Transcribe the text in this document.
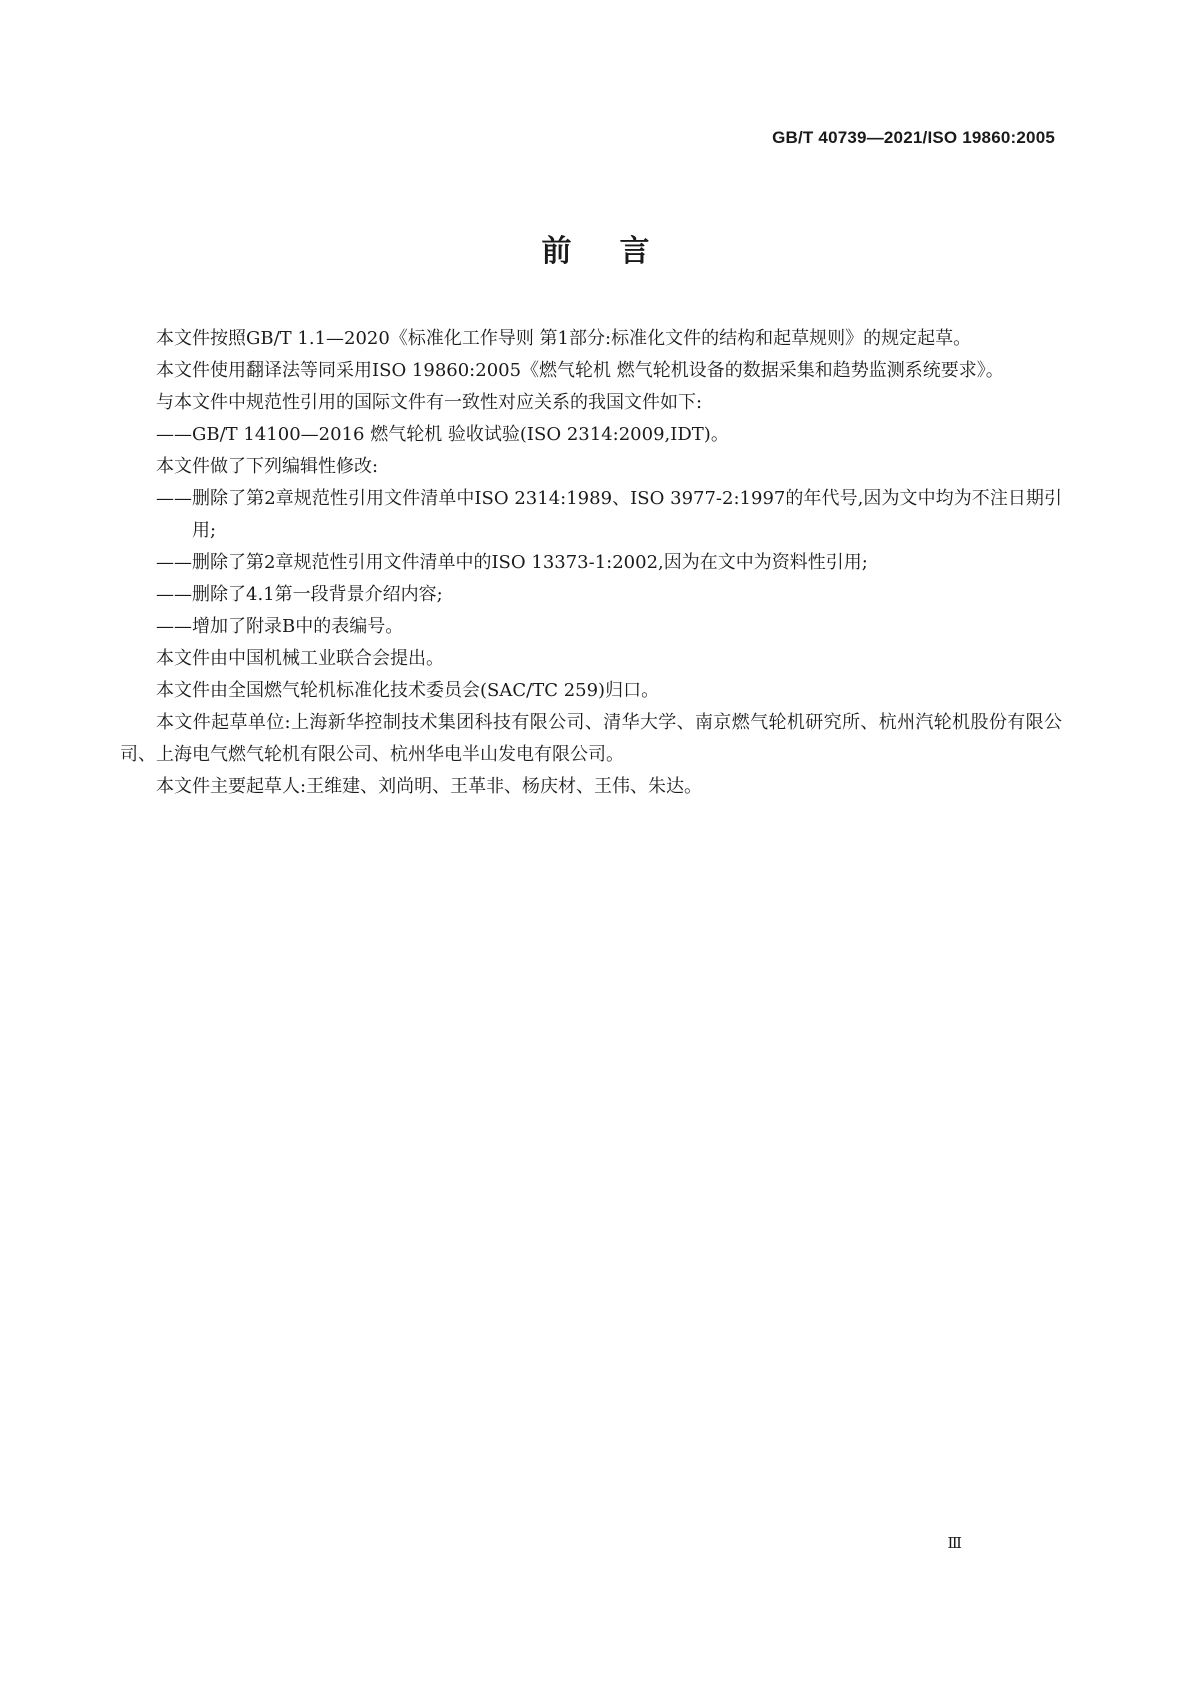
GB/T 40739—2021/ISO 19860:2005
前言

本文件按照GB/T 1.1—2020《标准化工作导则 第1部分:标准化文件的结构和起草规则》的规定起草。

本文件使用翻译法等同采用ISO 19860:2005《燃气轮机 燃气轮机设备的数据采集和趋势监测系统要求》。

与本文件中规范性引用的国际文件有一致性对应关系的我国文件如下:

—— GB/T 14100—2016 燃气轮机 验收试验(ISO 2314:2009,IDT)。

本文件做了下列编辑性修改:

—— 删除了第2章规范性引用文件清单中ISO 2314:1989、ISO 3977-2:1997的年代号,因为文中均为不注日期引用;
—— 删除了第2章规范性引用文件清单中的ISO 13373-1:2002,因为在文中为资料性引用;
—— 删除了4.1第一段背景介绍内容;
—— 增加了附录B中的表编号。

本文件由中国机械工业联合会提出。

本文件由全国燃气轮机标准化技术委员会(SAC/TC 259)归口。

本文件起草单位:上海新华控制技术集团科技有限公司、清华大学、南京燃气轮机研究所、杭州汽轮机股份有限公司、上海电气燃气轮机有限公司、杭州华电半山发电有限公司。

本文件主要起草人:王维建、刘尚明、王革非、杨庆材、王伟、朱达。

Ⅲ
